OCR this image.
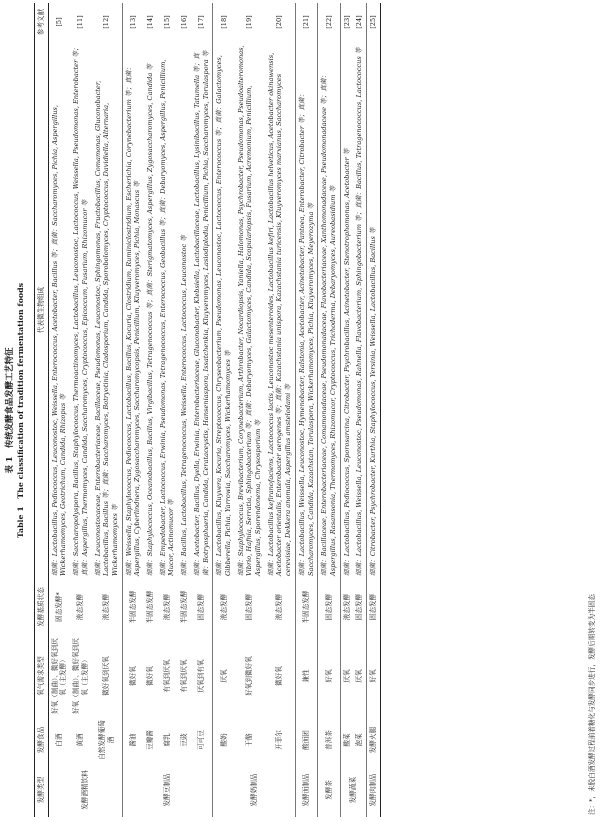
表 1　传统发酵食品发酵工艺特征 Table 1　The classification of tradition fermentation foods
发酵类型	发酵食品	氧气需求类型	发酵基质状态	代表微生物组成	参考文献
发酵酒精饮料	白酒	好氧（制曲）、微好氧到厌氧（主发酵）	固态发酵*	细菌：Lactobacillus, Pediococcus, Leuconostoc, Weissella, Enterococcus, Acetobacter, Bacillus 等；真菌：Saccharomyces, Pichia, Aspergillus, Wickerhamomyces, Geotrichum, Candida, Rhizopus 等	[5]
	黄酒	好氧（制曲）、微好氧到厌氧（主发酵）	液态发酵	细菌：Saccharopolyspora, Bacillus, Staphylococcus, Thermoactinomyces, Lactobacillus, Leuconostoc, Lactococcus, Weissella, Pseudomonas, Enterobacter 等；真菌：Aspergillus, Thermomyces, Candida, Saccharomyces, Cryptococcus, Epicoccum, Fusarium, Rhizomucor 等	[11]
	自然发酵葡萄酒	微好氧到厌氧	液态发酵	细菌：Leuconostocaceae, Enterobacteriaceae, Bacillaceae, Pseudomonas, Leuconostoc, Sphingomonas, Fructobacillus, Comamonas, Gluconobacter, Lactobacillus, Bacillus 等；真菌：Saccharomyces, Botryotinia, Cladosporium, Candida, Sporobolomyces, Cryptococcus, Davidiella, Alternaria, Wickerhamomyces 等	[12]
发酵豆制品	酱油	微好氧	半固态发酵	细菌：Weissella, Staphylococcus, Pediococcus, Lactobacillus, Bacillus, Kocuria, Clostridium, Ruminiclostridium, Escherichia, Corynebacterium 等；真菌：Aspergillus, Cyberlindnera, Zygosaccharomyces, Saccharomycopsis, Penicillium, Kluyveromyces, Pichia, Monascus 等	[13]
	豆瓣酱	微好氧	半固态发酵	细菌：Staphylococcus, Oceanobacillus, Bacillus, Virgibacillus, Tetragenococcus 等；真菌：Sterigmatomyces, Aspergillus, Zygosaccharomyces, Candida 等	[14]
	腐乳	有氧到厌氧	液态发酵	细菌：Empedobacter, Lactococcus, Erwinia, Pseudomonas, Tetragenococcus, Enterococcus, Geobacillus 等；真菌：Debaryomyces, Aspergillus, Penicillium, Mucor, Actinomucor 等	[15]
	豆豉	有氧到厌氧	半固态发酵	细菌：Bacillus, Lactobacillus, Tetragenococcus, Weissella, Enterococcus, Lactococcus, Leuconostoc 等	[16]
	可可豆	厌氧到有氧	固态发酵	细菌：Acetobacter, Bacillus, Dyella, Erwinia, Enterobacteriaceae, Gluconobacter, Klebsiella, Lactobacillaceae, Lactobacillus, Lysinibacillus, Tatumella 等；真菌：Botryosphaeria, Candida, Cerataceystis, Hanseniaspora, Issatchenkia, Kluyveromyces, Lasiodiplodia, Penicillium, Pichia, Saccharomyces, Torulaspora 等	[17]
发酵奶制品	酸奶	厌氧	液态发酵	细菌：Lactobacillus, Kluyvera, Kocuria, Streptococcus, Chryseobacterium, Pseudomonas, Leuconostoc, Lactococcus, Enterococcus 等；真菌：Galactomyces, Gibberella, Pichia, Yarrowia, Saccharomyces, Wickerhamomyces 等	[18]
	干酪	好氧到微好氧	固态发酵	细菌：Staphylococcus, Brevibacterium, Corynebacterium, Arthrobacter, Nocardiopsis, Yaniella, Halomonas, Psychrobacter, Pseudomonas, Pseudoalteromonas, Vibrio, Hafnia, Serratia, Sphingobacterium 等；真菌：Debaryomyces, Galactomyces, Candida, Scopulariopsis, Fusarium, Acremonium, Penicillium, Aspergillus, Sporendonema, Chrysosporium 等	[19]
	开菲尔	微好氧	液态发酵	细菌：Lactobacillus kefiranofaciens, Lactococcus lactis, Leuconostoc mesenteroides, Lactobacillus kefiri, Lactobacillus helveticus, Acetobacter okinawensis, Acetobacter orientalis, Enterobacter aerogenes 等；真菌：Kazachstania unispora, Kazachstania turicensis, Kluyveromyces marxianus, Saccharomyces cerevisiae, Dekkera anomala, Aspergillus amstelodami 等	[20]
发酵面制品	酸面团	兼性	半固态发酵	细菌：Lactobacillus, Weissella, Leuconostoc, Hymenobacter, Ralstonia, Acetobacter, Acinetobacter, Pantoea, Enterobacter, Citrobacter 等；真菌：Saccharomyces, Candida, Kazachstan, Torulaspora, Wickerhamomyces, Pichia, Kluyveromyces, Meyerozyma 等	[21]
发酵茶	普洱茶	好氧	固态发酵	细菌：Bacillaceae, Enterobacteriaceae, Comamonadaceae, Pseudomonadaceae, Flavobacteriaceae, Xanthomonadaceae, Pseudomonadaceae 等；真菌：Aspergillus, Rasamsonia, Thermomyces, Rhizomucor, Cryptococcus, Trichoderma, Debaryomyces, Aureobasidium 等	[22]
发酵蔬菜	酸菜	厌氧	液态发酵	细菌：Lactobacillus, Pediococcus, Sporosarcina, Citrobacter, Psychrobacillus, Acinetobacter, Stenotrophomonas, Acetobacter 等	[23]
	泡菜	厌氧	固态发酵	细菌：Lactobacillus, Weissella, Leuconostoc, Pseudomonas, Rahnella, Flavobacterium, Sphingobacterium 等；真菌：Bacillus, Tetragenococcus, Lactococcus 等	[24]
发酵肉制品	发酵火腿	好氧	固态发酵	细菌：Citrobacter, Psychrobacter, Kurthia, Staphylococcus, Yersinia, Weissella, Lactobacillus, Bacillus 等	[25]
注：*，未脱白酒发酵过程前着糖化与发酵同步进行，发酵后期转变为半固态
